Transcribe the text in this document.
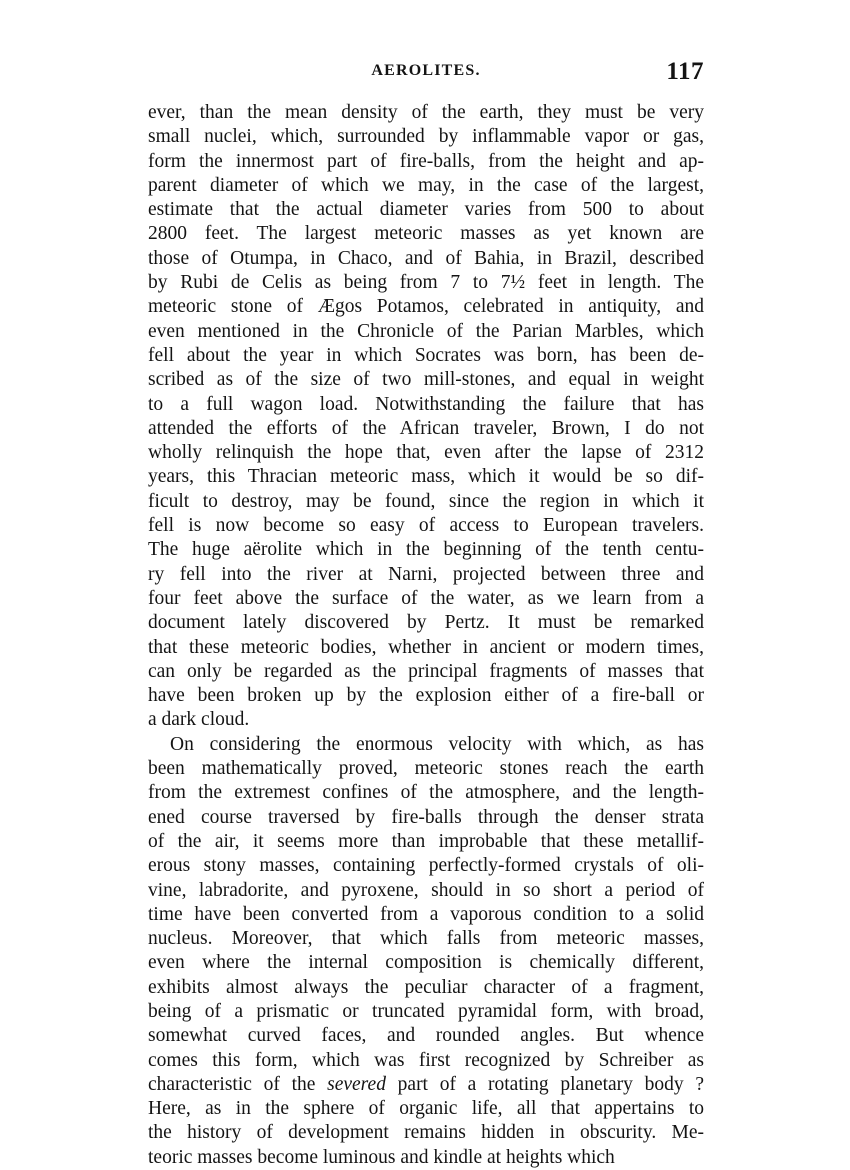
AEROLITES.	117
ever, than the mean density of the earth, they must be very
small nuclei, which, surrounded by inflammable vapor or gas,
form the innermost part of fire-balls, from the height and ap-
parent diameter of which we may, in the case of the largest,
estimate that the actual diameter varies from 500 to about
2800 feet. The largest meteoric masses as yet known are
those of Otumpa, in Chaco, and of Bahia, in Brazil, described
by Rubi de Celis as being from 7 to 7½ feet in length. The
meteoric stone of Ægos Potamos, celebrated in antiquity, and
even mentioned in the Chronicle of the Parian Marbles, which
fell about the year in which Socrates was born, has been de-
scribed as of the size of two mill-stones, and equal in weight
to a full wagon load. Notwithstanding the failure that has
attended the efforts of the African traveler, Brown, I do not
wholly relinquish the hope that, even after the lapse of 2312
years, this Thracian meteoric mass, which it would be so dif-
ficult to destroy, may be found, since the region in which it
fell is now become so easy of access to European travelers.
The huge aërolite which in the beginning of the tenth centu-
ry fell into the river at Narni, projected between three and
four feet above the surface of the water, as we learn from a
document lately discovered by Pertz. It must be remarked
that these meteoric bodies, whether in ancient or modern times,
can only be regarded as the principal fragments of masses that
have been broken up by the explosion either of a fire-ball or
a dark cloud.
On considering the enormous velocity with which, as has
been mathematically proved, meteoric stones reach the earth
from the extremest confines of the atmosphere, and the length-
ened course traversed by fire-balls through the denser strata
of the air, it seems more than improbable that these metallif-
erous stony masses, containing perfectly-formed crystals of oli-
vine, labradorite, and pyroxene, should in so short a period of
time have been converted from a vaporous condition to a solid
nucleus. Moreover, that which falls from meteoric masses,
even where the internal composition is chemically different,
exhibits almost always the peculiar character of a fragment,
being of a prismatic or truncated pyramidal form, with broad,
somewhat curved faces, and rounded angles. But whence
comes this form, which was first recognized by Schreiber as
characteristic of the severed part of a rotating planetary body ?
Here, as in the sphere of organic life, all that appertains to
the history of development remains hidden in obscurity. Me-
teoric masses become luminous and kindle at heights which
